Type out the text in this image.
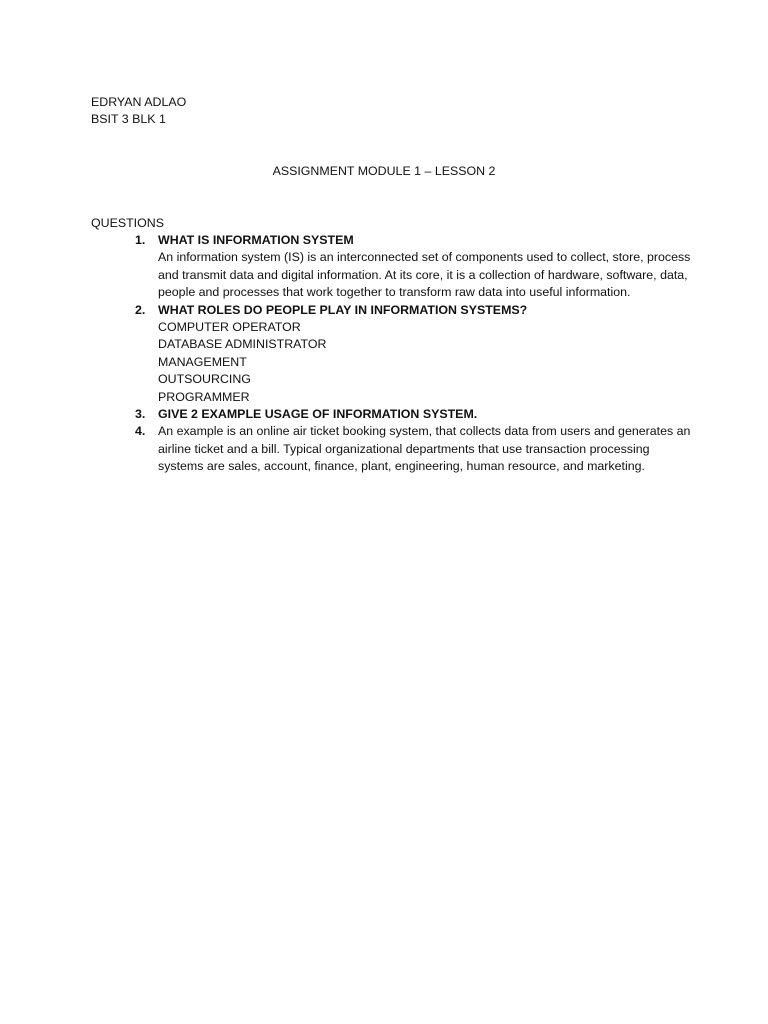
EDRYAN ADLAO
BSIT 3 BLK 1
ASSIGNMENT MODULE 1 – LESSON 2
QUESTIONS
1. WHAT IS INFORMATION SYSTEM

An information system (IS) is an interconnected set of components used to collect, store, process and transmit data and digital information. At its core, it is a collection of hardware, software, data, people and processes that work together to transform raw data into useful information.

2. WHAT ROLES DO PEOPLE PLAY IN INFORMATION SYSTEMS?
COMPUTER OPERATOR
DATABASE ADMINISTRATOR
MANAGEMENT
OUTSOURCING
PROGRAMMER
3. GIVE 2 EXAMPLE USAGE OF INFORMATION SYSTEM.
4. An example is an online air ticket booking system, that collects data from users and generates an airline ticket and a bill. Typical organizational departments that use transaction processing systems are sales, account, finance, plant, engineering, human resource, and marketing.
